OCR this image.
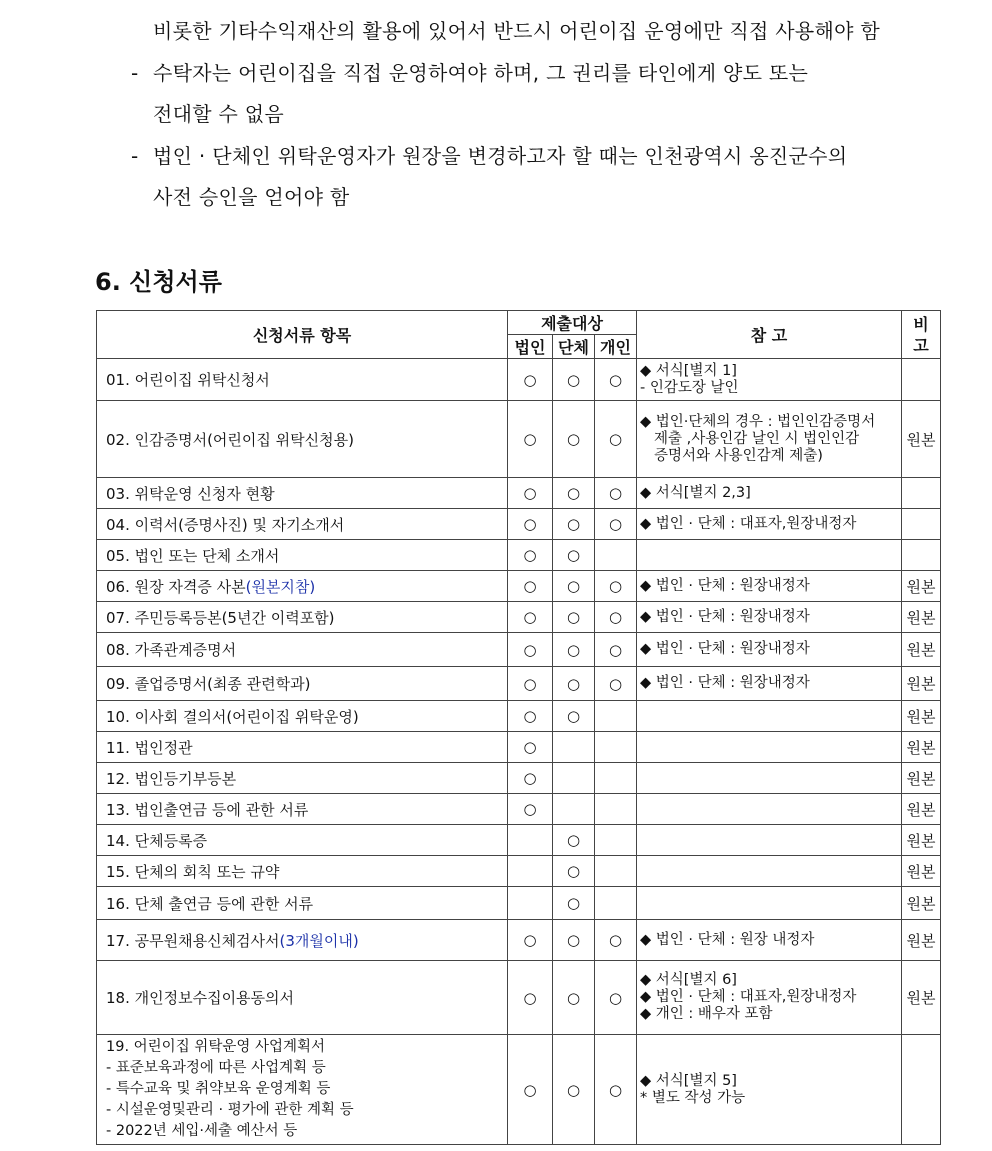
비롯한 기타수익재산의 활용에 있어서 반드시 어린이집 운영에만 직접 사용해야 함
- 수탁자는 어린이집을 직접 운영하여야 하며, 그 권리를 타인에게 양도 또는
전대할 수 없음
- 법인 · 단체인 위탁운영자가 원장을 변경하고자 할 때는 인천광역시 옹진군수의
사전 승인을 얻어야 함
6. 신청서류
신청서류 항목	제출대상			참 고	비
고

	법인	단체	개인		
01. 어린이집 위탁신청서	○	○	○	◆ 서식[별지 1]
- 인감도장 날인	

02. 인감증명서(어린이집 위탁신청용)	○	○	○	◆ 법인·단체의 경우 : 법인인감증명서
제출 ,사용인감 날인 시 법인인감
증명서와 사용인감계 제출)	원본
03. 위탁운영 신청자 현황	○	○	○	◆ 서식[별지 2,3]	

04. 이력서(증명사진) 및 자기소개서	○	○	○	◆ 법인 · 단체 : 대표자,원장내정자	

05. 법인 또는 단체 소개서	○	○			
06. 원장 자격증 사본(원본지참)	○	○	○	◆ 법인 · 단체 : 원장내정자	원본
07. 주민등록등본(5년간 이력포함)	○	○	○	◆ 법인 · 단체 : 원장내정자	원본
08. 가족관계증명서	○	○	○	◆ 법인 · 단체 : 원장내정자	원본
09. 졸업증명서(최종 관련학과)	○	○	○	◆ 법인 · 단체 : 원장내정자	원본
10. 이사회 결의서(어린이집 위탁운영)	○	○			원본
11. 법인정관	○				원본
12. 법인등기부등본	○				원본
13. 법인출연금 등에 관한 서류	○				원본
14. 단체등록증		○			원본
15. 단체의 회칙 또는 규약		○			원본
16. 단체 출연금 등에 관한 서류		○			원본
17. 공무원채용신체검사서(3개월이내)	○	○	○	◆ 법인 · 단체 : 원장 내정자	원본
18. 개인정보수집이용동의서	○	○	○	◆ 서식[별지 6]
◆ 법인 · 단체 : 대표자,원장내정자
◆ 개인 : 배우자 포함	원본

19. 어린이집 위탁운영 사업계획서
- 표준보육과정에 따른 사업계획 등
- 특수교육 및 취약보육 운영계획 등
- 시설운영및관리 · 평가에 관한 계획 등
- 2022년 세입·세출 예산서 등	○	○	○	◆ 서식[별지 5]
* 별도 작성 가능	
